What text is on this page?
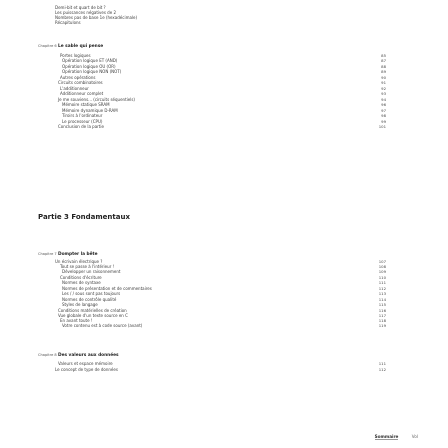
Demi-bit et quart de bit ?
Les puissances négatives de 2
Nombres pas de base 1e (hexadécimale)
Récapitulons
Chapitre 6 Le sable qui pense
Portes logiques	85
Opération logique ET (AND)	87
Opération logique OU (OR)	88
Opération logique NON (NOT)	89
Autres opérations	90
Circuits combinatoires	91
L'additionneur	92
Additionneur complet	93
Je me souviens... (circuits séquentiels)	94
Mémoire statique SRAM	96
Mémoire dynamique D-RAM	97
Tiroirs à l'ordinateur	98
Le processeur (CPU)	99
Conclusion de la partie	101
Partie 3 Fondamentaux
Chapitre 7 Dompter la bête
Un écrivain électrique ?	107
Tout se passe à l'intérieur !	108
Développer un raisonnement	109
Conditions d'écriture	110
Normes de syntaxe	111
Normes de présentation et de commentaires	112
Les / / sous sont pas toujours	113
Normes de contrôle qualité	114
Styles de langage	115
Conditions matérielles de création	116
Vue globale d'un texte source en C	117
En avant toute !	118
Votre contenu est à code source (avant)	119
Chapitre 8 Des valeurs aux données
Valeurs et espace mémoire	111
Le concept de type de données	112
Sommaire	Vol
